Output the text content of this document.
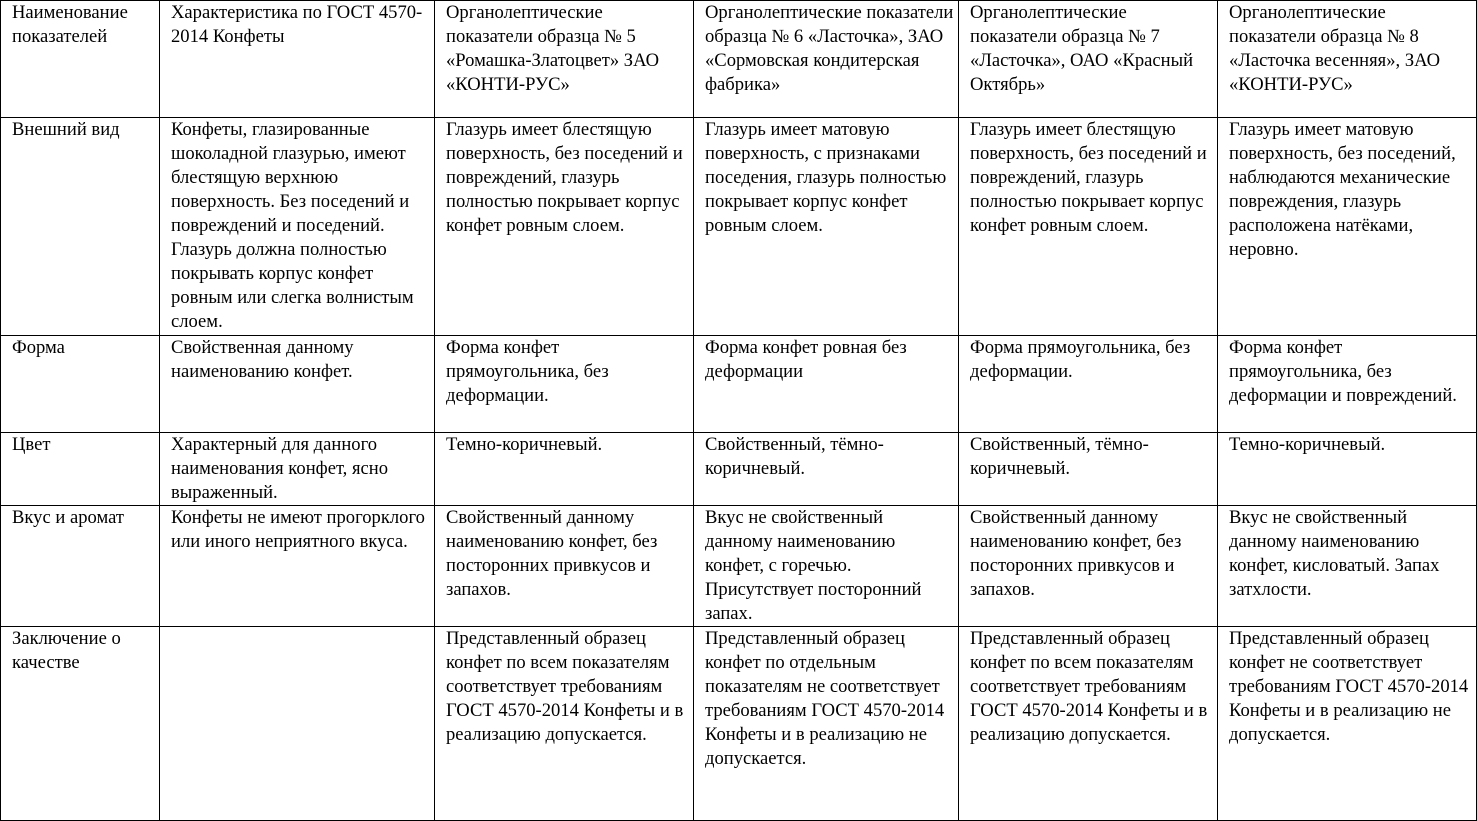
Наименование показателей	Характеристика по ГОСТ 4570-2014 Конфеты	Органолептические показатели образца № 5 «Ромашка-Златоцвет» ЗАО «КОНТИ-РУС»	Органолептические показатели образца № 6 «Ласточка», ЗАО «Сормовская кондитерская фабрика»	Органолептические показатели образца № 7 «Ласточка», ОАО «Красный Октябрь»	Органолептические показатели образца № 8 «Ласточка весенняя», ЗАО «КОНТИ-РУС»

Внешний вид	Конфеты, глазированные шоколадной глазурью, имеют блестящую верхнюю поверхность. Без поседений и повреждений и поседений. Глазурь должна полностью покрывать корпус конфет ровным или слегка волнистым слоем.	Глазурь имеет блестящую поверхность, без поседений и повреждений, глазурь полностью покрывает корпус конфет ровным слоем.	Глазурь имеет матовую поверхность, с признаками поседения, глазурь полностью покрывает корпус конфет ровным слоем.	Глазурь имеет блестящую поверхность, без поседений и повреждений, глазурь полностью покрывает корпус конфет ровным слоем.	Глазурь имеет матовую поверхность, без поседений, наблюдаются механические повреждения, глазурь расположена натёками, неровно.

Форма	Свойственная данному наименованию конфет.	Форма конфет прямоугольника, без деформации.	Форма конфет ровная без деформации	Форма прямоугольника, без деформации.	Форма конфет прямоугольника, без деформации и повреждений.

Цвет	Характерный для данного наименования конфет, ясно выраженный.	Темно-коричневый.	Свойственный, тёмно-коричневый.	Свойственный, тёмно-коричневый.	Темно-коричневый.

Вкус и аромат	Конфеты не имеют прогорклого или иного неприятного вкуса.	Свойственный данному наименованию конфет, без посторонних привкусов и запахов.	Вкус не свойственный данному наименованию конфет, с горечью. Присутствует посторонний запах.	Свойственный данному наименованию конфет, без посторонних привкусов и запахов.	Вкус не свойственный данному наименованию конфет, кисловатый. Запах затхлости.

Заключение о качестве		Представленный образец конфет по всем показателям соответствует требованиям ГОСТ 4570-2014 Конфеты и в реализацию допускается.	Представленный образец конфет по отдельным показателям не соответствует требованиям ГОСТ 4570-2014 Конфеты и в реализацию не допускается.	Представленный образец конфет по всем показателям соответствует требованиям ГОСТ 4570-2014 Конфеты и в реализацию допускается.	Представленный образец конфет не соответствует требованиям ГОСТ 4570-2014 Конфеты и в реализацию не допускается.
